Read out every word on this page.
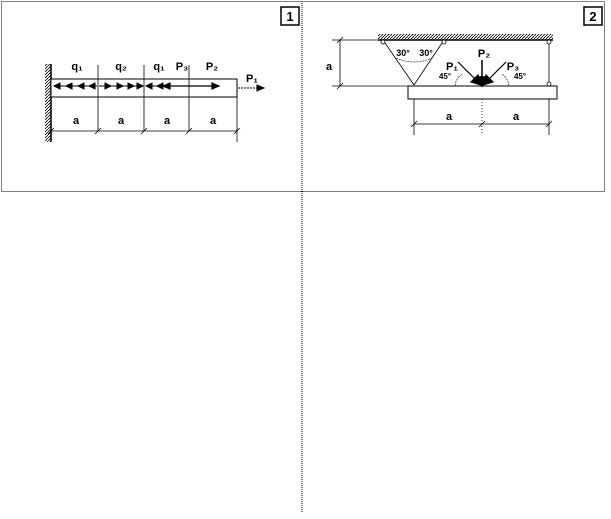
1	2
q₁	q₂ q₁ P₃ P₂
P₁
a	a	a	a
a
30° 30°
P₁
P₂
P₃
45°	45°
a	a
